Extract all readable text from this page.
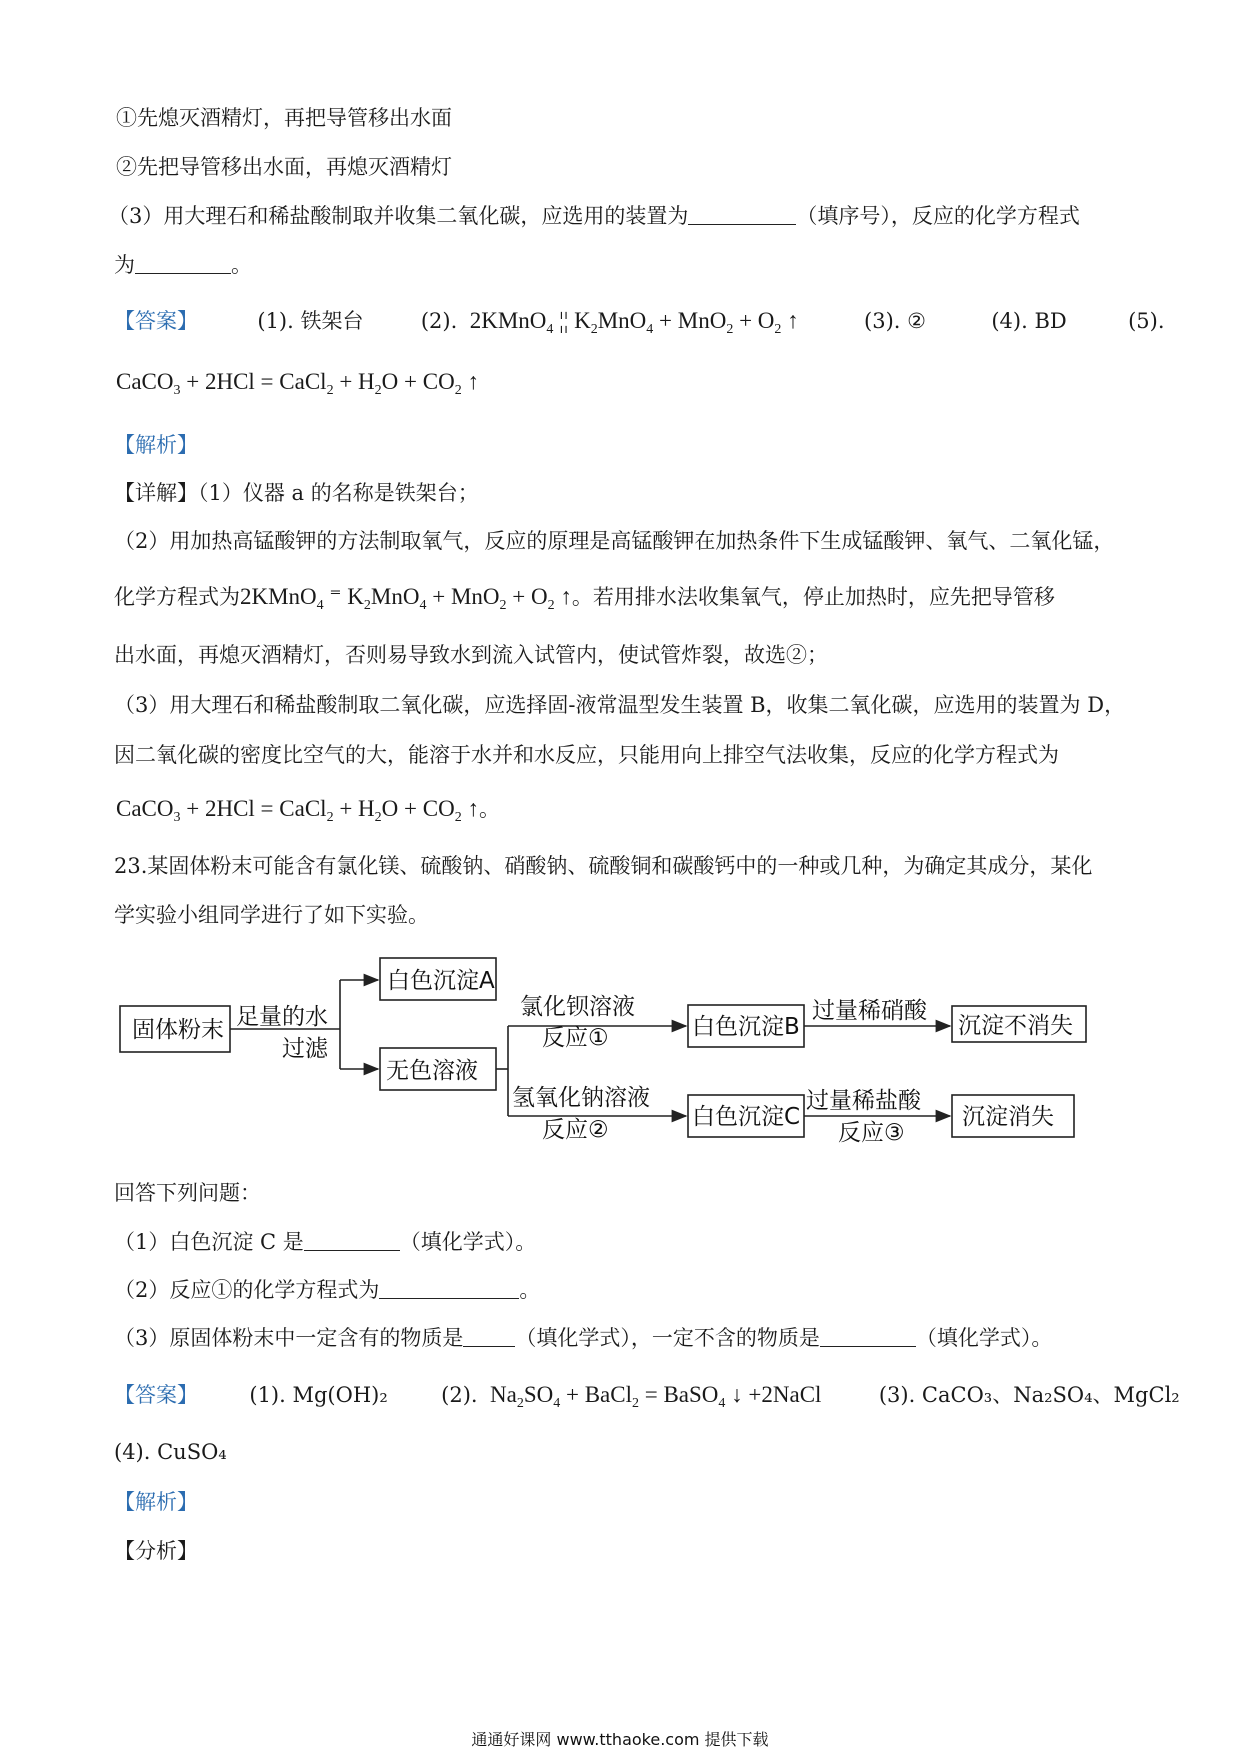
①先熄灭酒精灯，再把导管移出水面
②先把导管移出水面，再熄灭酒精灯
（3）用大理石和稀盐酸制取并收集二氧化碳，应选用的装置为	（填序号），反应的化学方程式
为	。
【答案】	(1). 铁架台	(2).  2KMnO$_4$ ¦¦ $K_2MnO_4 + MnO_2 + O_2$ ↑	(3). ②	(4). BD	(5).
CaCO$_3$ + 2HCl = CaCl$_2$ + $H_2O + CO_2$ ↑
【解析】
【详解】（1）仪器 a 的名称是铁架台；
（2）用加热高锰酸钾的方法制取氧气，反应的原理是高锰酸钾在加热条件下生成锰酸钾、氧气、二氧化锰，
化学方程式为2KMnO$_4$ ⁼ $K_2MnO_4 + MnO_2 + O_2$ ↑。若用排水法收集氧气，停止加热时，应先把导管移
出水面，再熄灭酒精灯，否则易导致水到流入试管内，使试管炸裂，故选②；
（3）用大理石和稀盐酸制取二氧化碳，应选择固-液常温型发生装置 B，收集二氧化碳，应选用的装置为 D，
因二氧化碳的密度比空气的大，能溶于水并和水反应，只能用向上排空气法收集，反应的化学方程式为
CaCO$_3$ + 2HCl = CaCl$_2$ + $H_2O + CO_2$ ↑。
23.某固体粉末可能含有氯化镁、硫酸钠、硝酸钠、硫酸铜和碳酸钙中的一种或几种，为确定其成分，某化
学实验小组同学进行了如下实验。
固体粉末 足量的水
过滤
白色沉淀A
无色溶液
氯化钡溶液
反应①
氢氧化钠溶液
反应②
白色沉淀B
白色沉淀C
过量稀硝酸
过量稀盐酸
反应③
沉淀不消失
沉淀消失
回答下列问题：
（1）白色沉淀 C 是	（填化学式）。
（2）反应①的化学方程式为	。
（3）原固体粉末中一定含有的物质是 （填化学式），一定不含的物质是	（填化学式）。
【答案】 (1). Mg(OH)₂	(2).  $Na_2SO_4$ + BaCl$_2$ = BaSO$_4$ ↓ +2NaCl	(3). CaCO₃、Na₂SO₄、MgCl₂
(4). CuSO₄
【解析】
【分析】
通通好课网 www.tthaoke.com 提供下载
